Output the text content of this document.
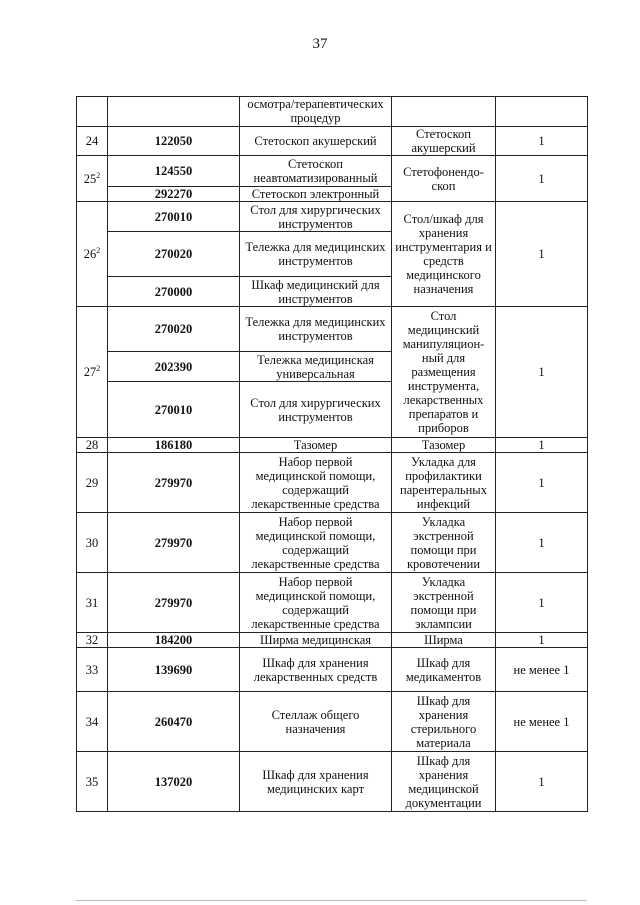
37
		осмотра/терапевтических процедур		
24	122050	Стетоскоп акушерский	Стетоскоп акушерский	1
$25^2$	124550	Стетоскоп неавтоматизированный	Стетофонендо-скоп	1
	292270	Стетоскоп электронный		
$26^2$	270010	Стол для хирургических инструментов	Стол/шкаф для хранения инструментария и средств медицинского назначения	1
	270020	Тележка для медицинских инструментов		
	270000	Шкаф медицинский для инструментов		
$27^2$	270020	Тележка для медицинских инструментов	Стол медицинский манипуляцион-ный для размещения инструмента, лекарственных препаратов и приборов	1
	202390	Тележка медицинская универсальная		
	270010	Стол для хирургических инструментов		
28	186180	Тазомер	Тазомер	1
29	279970	Набор первой медицинской помощи, содержащий лекарственные средства	Укладка для профилактики парентеральных инфекций	1
30	279970	Набор первой медицинской помощи, содержащий лекарственные средства	Укладка экстренной помощи при кровотечении	1
31	279970	Набор первой медицинской помощи, содержащий лекарственные средства	Укладка экстренной помощи при эклампсии	1
32	184200	Ширма медицинская	Ширма	1
33	139690	Шкаф для хранения лекарственных средств	Шкаф для медикаментов	не менее 1
34	260470	Стеллаж общего назначения	Шкаф для хранения стерильного материала	не менее 1
35	137020	Шкаф для хранения медицинских карт	Шкаф для хранения медицинской документации	1
